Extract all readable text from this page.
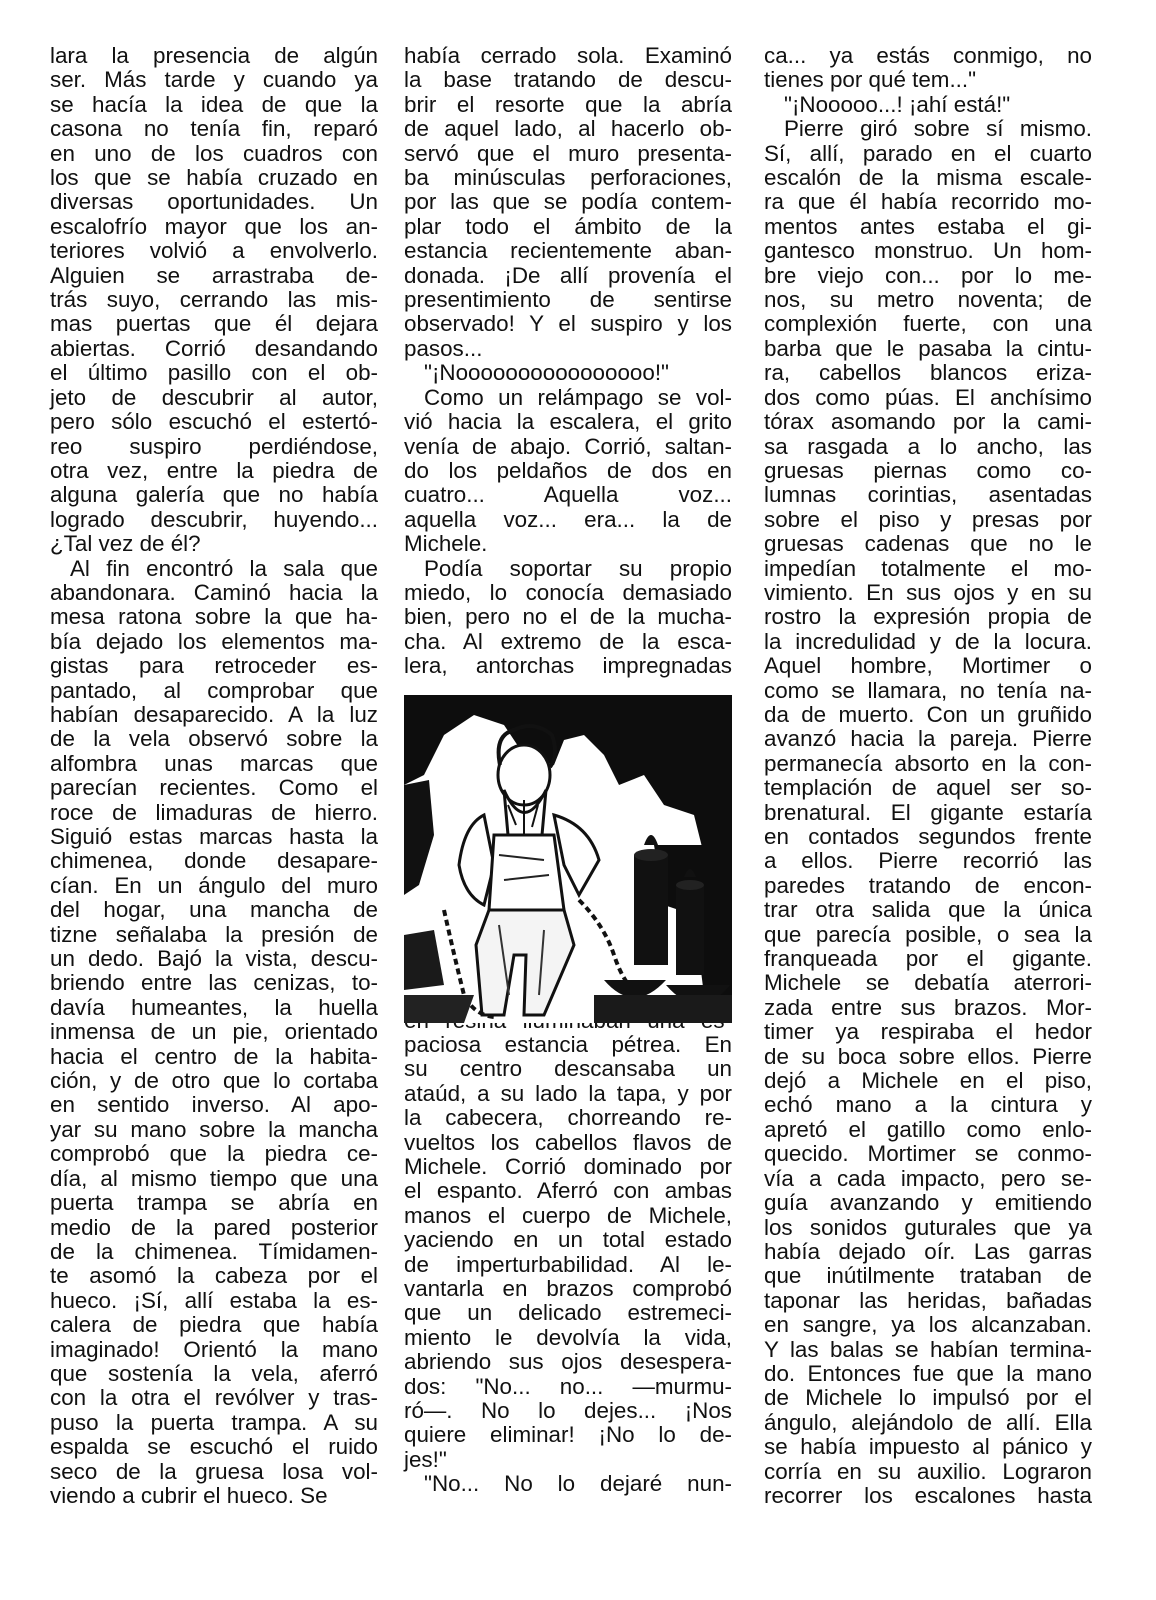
lara la presencia de algún
ser. Más tarde y cuando ya
se hacía la idea de que la
casona no tenía fin, reparó
en uno de los cuadros con
los que se había cruzado en
diversas oportunidades. Un
escalofrío mayor que los an-
teriores volvió a envolverlo.
Alguien se arrastraba de-
trás suyo, cerrando las mis-
mas puertas que él dejara
abiertas. Corrió desandando
el último pasillo con el ob-
jeto de descubrir al autor,
pero sólo escuchó el estertó-
reo suspiro perdiéndose,
otra vez, entre la piedra de
alguna galería que no había
logrado descubrir, huyendo...
¿Tal vez de él?
Al fin encontró la sala que
abandonara. Caminó hacia la
mesa ratona sobre la que ha-
bía dejado los elementos ma-
gistas para retroceder es-
pantado, al comprobar que
habían desaparecido. A la luz
de la vela observó sobre la
alfombra unas marcas que
parecían recientes. Como el
roce de limaduras de hierro.
Siguió estas marcas hasta la
chimenea, donde desapare-
cían. En un ángulo del muro
del hogar, una mancha de
tizne señalaba la presión de
un dedo. Bajó la vista, descu-
briendo entre las cenizas, to-
davía humeantes, la huella
inmensa de un pie, orientado
hacia el centro de la habita-
ción, y de otro que lo cortaba
en sentido inverso. Al apo-
yar su mano sobre la mancha
comprobó que la piedra ce-
día, al mismo tiempo que una
puerta trampa se abría en
medio de la pared posterior
de la chimenea. Tímidamen-
te asomó la cabeza por el
hueco. ¡Sí, allí estaba la es-
calera de piedra que había
imaginado! Orientó la mano
que sostenía la vela, aferró
con la otra el revólver y tras-
puso la puerta trampa. A su
espalda se escuchó el ruido
seco de la gruesa losa vol-
viendo a cubrir el hueco. Se
había cerrado sola. Examinó
la base tratando de descu-
brir el resorte que la abría
de aquel lado, al hacerlo ob-
servó que el muro presenta-
ba minúsculas perforaciones,
por las que se podía contem-
plar todo el ámbito de la
estancia recientemente aban-
donada. ¡De allí provenía el
presentimiento de sentirse
observado! Y el suspiro y los
pasos...
"¡Noooooooooooooooo!"
Como un relámpago se vol-
vió hacia la escalera, el grito
venía de abajo. Corrió, saltan-
do los peldaños de dos en
cuatro... Aquella voz...
aquella voz... era... la de
Michele.
Podía soportar su propio
miedo, lo conocía demasiado
bien, pero no el de la mucha-
cha. Al extremo de la esca-
lera, antorchas impregnadas
paciosa estancia pétrea. En
su centro descansaba un
ataúd, a su lado la tapa, y por
la cabecera, chorreando re-
vueltos los cabellos flavos de
Michele. Corrió dominado por
el espanto. Aferró con ambas
manos el cuerpo de Michele,
yaciendo en un total estado
de imperturbabilidad. Al le-
vantarla en brazos comprobó
que un delicado estremeci-
miento le devolvía la vida,
abriendo sus ojos desespera-
dos: "No... no... —murmu-
ró—. No lo dejes... ¡Nos
quiere eliminar! ¡No lo de-
jes!"
"No... No lo dejaré nun-
ca... ya estás conmigo, no
tienes por qué tem..."
"¡Nooooo...! ¡ahí está!"
Pierre giró sobre sí mismo.
Sí, allí, parado en el cuarto
escalón de la misma escale-
ra que él había recorrido mo-
mentos antes estaba el gi-
gantesco monstruo. Un hom-
bre viejo con... por lo me-
nos, su metro noventa; de
complexión fuerte, con una
barba que le pasaba la cintu-
ra, cabellos blancos eriza-
dos como púas. El anchísimo
tórax asomando por la cami-
sa rasgada a lo ancho, las
gruesas piernas como co-
lumnas corintias, asentadas
sobre el piso y presas por
gruesas cadenas que no le
impedían totalmente el mo-
vimiento. En sus ojos y en su
rostro la expresión propia de
la incredulidad y de la locura.
Aquel hombre, Mortimer o
como se llamara, no tenía na-
da de muerto. Con un gruñido
avanzó hacia la pareja. Pierre
permanecía absorto en la con-
templación de aquel ser so-
brenatural. El gigante estaría
en contados segundos frente
a ellos. Pierre recorrió las
paredes tratando de encon-
trar otra salida que la única
que parecía posible, o sea la
franqueada por el gigante.
Michele se debatía aterrori-
zada entre sus brazos. Mor-
timer ya respiraba el hedor
de su boca sobre ellos. Pierre
dejó a Michele en el piso,
echó mano a la cintura y
apretó el gatillo como enlo-
quecido. Mortimer se conmo-
vía a cada impacto, pero se-
guía avanzando y emitiendo
los sonidos guturales que ya
había dejado oír. Las garras
que inútilmente trataban de
taponar las heridas, bañadas
en sangre, ya los alcanzaban.
Y las balas se habían termina-
do. Entonces fue que la mano
de Michele lo impulsó por el
ángulo, alejándolo de allí. Ella
se había impuesto al pánico y
corría en su auxilio. Lograron
recorrer los escalones hasta
